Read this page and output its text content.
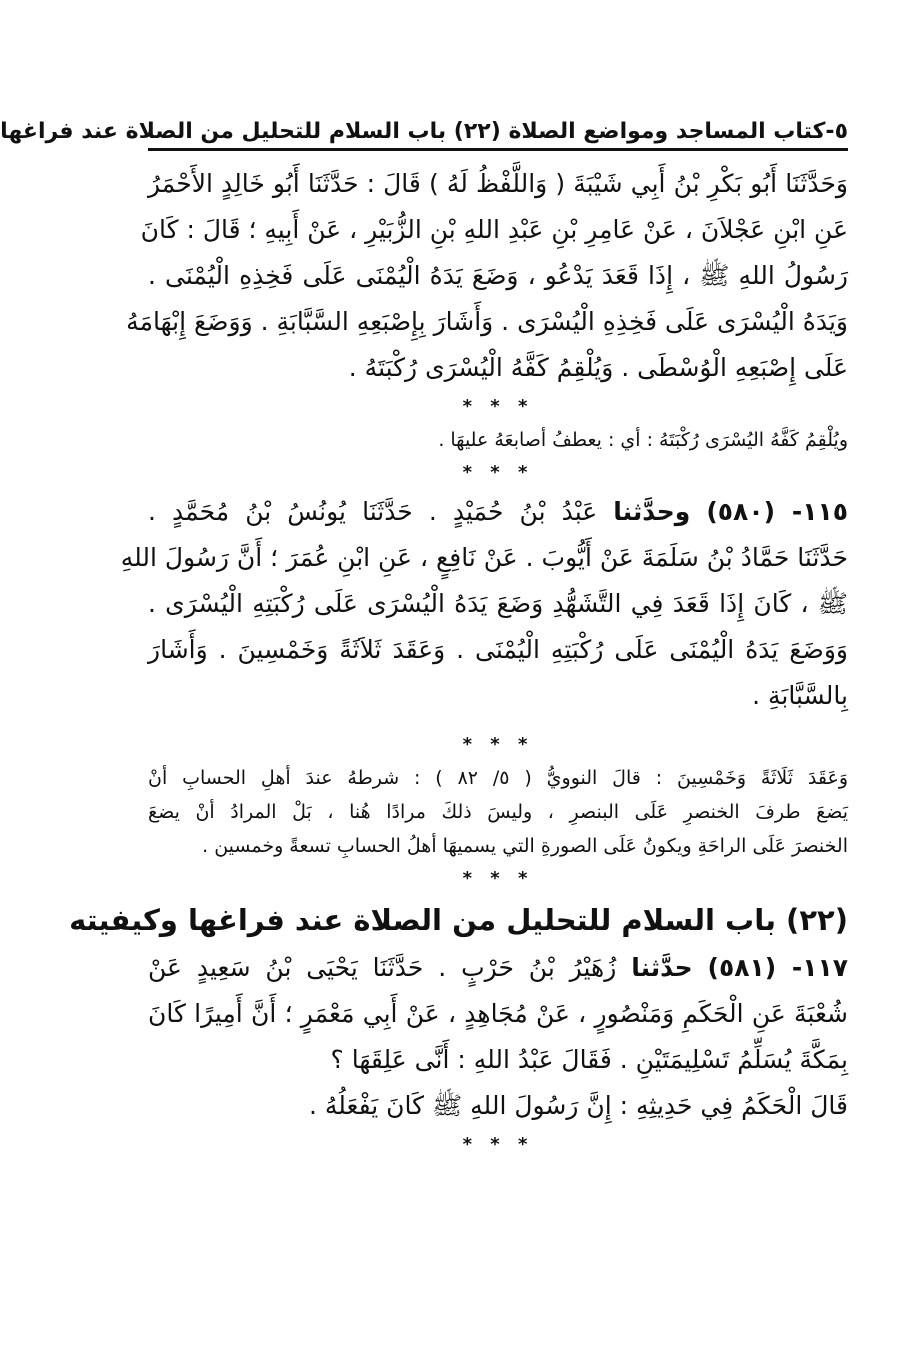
٥-كتاب المساجد ومواضع الصلاة (٢٢) باب السلام للتحليل من الصلاة عند فراغها
وَحَدَّثَنَا أَبُو بَكْرِ بْنُ أَبِي شَيْبَةَ ( وَاللَّفْظُ لَهُ ) قَالَ : حَدَّثَنَا أَبُو خَالِدٍ الأَحْمَرُ
عَنِ ابْنِ عَجْلاَنَ ، عَنْ عَامِرِ بْنِ عَبْدِ اللهِ بْنِ الزُّبَيْرِ ، عَنْ أَبِيهِ ؛ قَالَ : كَانَ
رَسُولُ اللهِ ﷺ ، إِذَا قَعَدَ يَدْعُو ، وَضَعَ يَدَهُ الْيُمْنَى عَلَى فَخِذِهِ الْيُمْنَى .
وَيَدَهُ الْيُسْرَى عَلَى فَخِذِهِ الْيُسْرَى . وَأَشَارَ بِإِصْبَعِهِ السَّبَّابَةِ . وَوَضَعَ إِبْهَامَهُ
عَلَى إِصْبَعِهِ الْوُسْطَى . وَيُلْقِمُ كَفَّهُ الْيُسْرَى رُكْبَتَهُ .
* * *
ويُلْقِمُ كَفَّهُ اليُسْرَى رُكْبَتَهُ : أي : يعطفُ أصابعَهُ عليهَا .
* * *
١١٥- (٥٨٠) وحدَّثنا عَبْدُ بْنُ حُمَيْدٍ . حَدَّثَنَا يُونُسُ بْنُ مُحَمَّدٍ .
حَدَّثَنَا حَمَّادُ بْنُ سَلَمَةَ عَنْ أَيُّوبَ . عَنْ نَافِعٍ ، عَنِ ابْنِ عُمَرَ ؛ أَنَّ رَسُولَ اللهِ
ﷺ ، كَانَ إِذَا قَعَدَ فِي التَّشَهُّدِ وَضَعَ يَدَهُ الْيُسْرَى عَلَى رُكْبَتِهِ الْيُسْرَى .
وَوَضَعَ يَدَهُ الْيُمْنَى عَلَى رُكْبَتِهِ الْيُمْنَى . وَعَقَدَ ثَلاَثَةً وَخَمْسِينَ . وَأَشَارَ
بِالسَّبَّابَةِ .
* * *
وَعَقَدَ ثَلَاثَةً وَخَمْسِينَ : قالَ النوويُّ ( ٥/ ٨٢ ) : شرطهُ عندَ أهلِ الحسابِ أنْ
يَضعَ طرفَ الخنصرِ عَلَى البنصرِ ، وليسَ ذلكَ مرادًا هُنا ، بَلْ المرادُ أنْ يضعَ
الخنصرَ عَلَى الراحَةِ ويكونُ عَلَى الصورةِ التي يسميهَا أهلُ الحسابِ تسعةً وخمسين .
* * *
(٢٢) باب السلام للتحليل من الصلاة عند فراغها وكيفيته
١١٧- (٥٨١) حدَّثنا زُهَيْرُ بْنُ حَرْبٍ . حَدَّثَنَا يَحْيَى بْنُ سَعِيدٍ عَنْ
شُعْبَةَ عَنِ الْحَكَمِ وَمَنْصُورٍ ، عَنْ مُجَاهِدٍ ، عَنْ أَبِي مَعْمَرٍ ؛ أَنَّ أَمِيرًا كَانَ
بِمَكَّةَ يُسَلِّمُ تَسْلِيمَتَيْنِ . فَقَالَ عَبْدُ اللهِ : أَنَّى عَلِقَهَا ؟
قَالَ الْحَكَمُ فِي حَدِيثِهِ : إِنَّ رَسُولَ اللهِ ﷺ كَانَ يَفْعَلُهُ .
* * *
